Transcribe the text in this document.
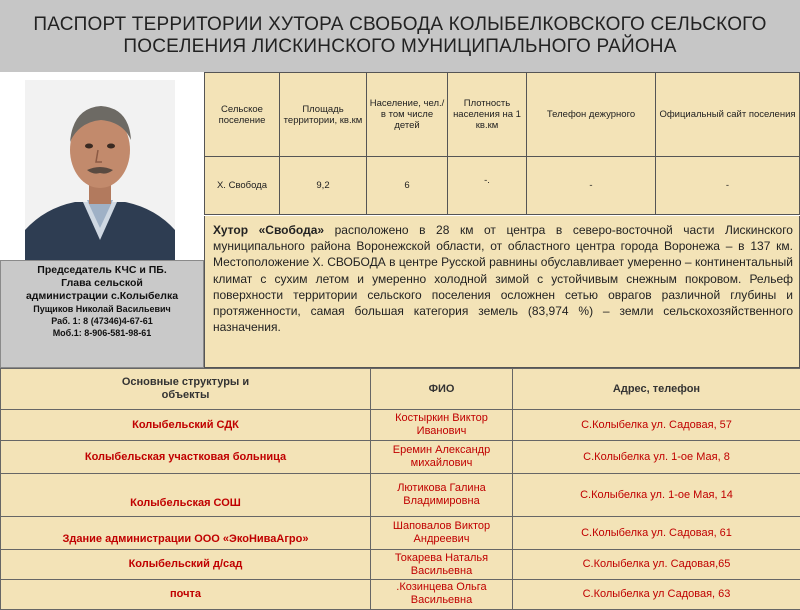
ПАСПОРТ ТЕРРИТОРИИ ХУТОРА СВОБОДА КОЛЫБЕЛКОВСКОГО СЕЛЬСКОГО
ПОСЕЛЕНИЯ ЛИСКИНСКОГО МУНИЦИПАЛЬНОГО РАЙОНА
Председатель КЧС и ПБ.
Глава сельской
администрации с.Колыбелка
Пущиков Николай Васильевич
Раб. 1: 8 (47346)4-67-61
Моб.1: 8-906-581-98-61
Сельское поселение	Площадь территории, кв.км	Население, чел./ в том числе детей	Плотность населения на 1 кв.км	Телефон дежурного	Официальный сайт поселения
Х. Свобода	9,2	6	-.	-	-
Хутор «Свобода» расположено в 28 км от центра в северо-восточной части Лискинского муниципального района Воронежской области, от областного центра города Воронежа – в 137 км. Местоположение Х. СВОБОДА в центре Русской равнины обуславливает умеренно – континентальный климат с сухим летом и умеренно холодной зимой с устойчивым снежным покровом. Рельеф поверхности территории сельского поселения осложнен сетью оврагов различной глубины и протяженности, самая большая категория земель (83,974 %) – земли сельскохозяйственного назначения.
Основные структуры и объекты	ФИО	Адрес, телефон
Колыбельский СДК	Костыркин Виктор Иванович	С.Колыбелка ул. Садовая, 57
Колыбельская участковая больница	Еремин Александр михайлович	С.Колыбелка ул. 1-ое Мая, 8
Колыбельская СОШ	Лютикова Галина Владимировна	С.Колыбелка ул. 1-ое Мая, 14
Здание администрации ООО «ЭкоНиваАгро»	Шаповалов Виктор Андреевич	С.Колыбелка ул. Садовая, 61
Колыбельский д/сад	Токарева Наталья Васильевна	С.Колыбелка ул. Садовая,65
почта	.Козинцева Ольга Васильевна	С.Колыбелка ул Садовая, 63
